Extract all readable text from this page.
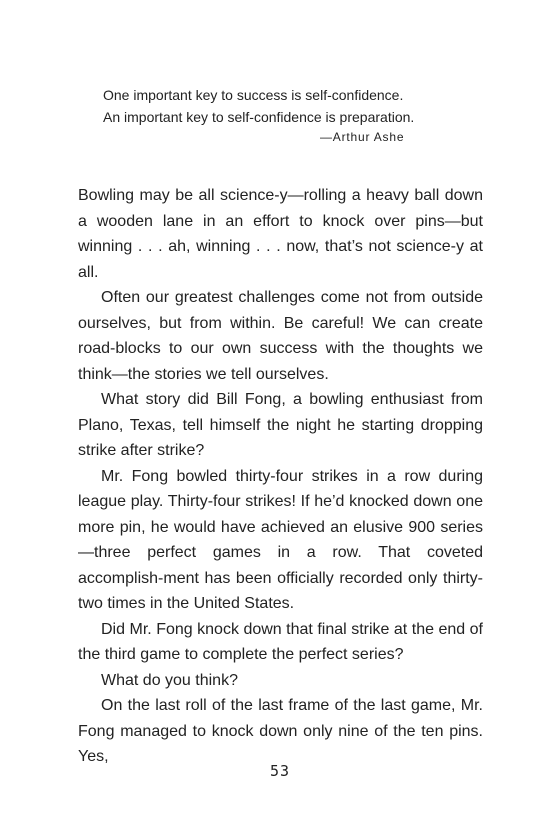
One important key to success is self-confidence.
An important key to self-confidence is preparation.
—Arthur Ashe

Bowling may be all science-y—rolling a heavy ball down a wooden lane in an effort to knock over pins—but winning . . . ah, winning . . . now, that’s not science-y at all.

Often our greatest challenges come not from outside ourselves, but from within. Be careful! We can create road-blocks to our own success with the thoughts we think—the stories we tell ourselves.

What story did Bill Fong, a bowling enthusiast from Plano, Texas, tell himself the night he starting dropping strike after strike?

Mr. Fong bowled thirty-four strikes in a row during league play. Thirty-four strikes! If he’d knocked down one more pin, he would have achieved an elusive 900 series—three perfect games in a row. That coveted accomplish-ment has been officially recorded only thirty-two times in the United States.

Did Mr. Fong knock down that final strike at the end of the third game to complete the perfect series?

What do you think?

On the last roll of the last frame of the last game, Mr. Fong managed to knock down only nine of the ten pins. Yes,

53
